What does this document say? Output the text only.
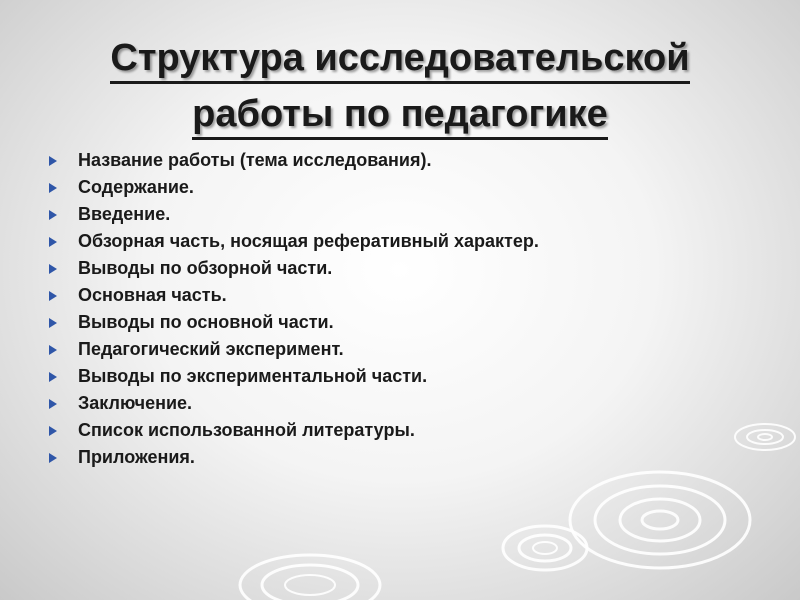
Структура исследовательской
работы по педагогике
Название работы (тема исследования).
Содержание.
Введение.
Обзорная часть, носящая реферативный характер.
Выводы по обзорной части.
Основная часть.
Выводы по основной части.
Педагогический эксперимент.
Выводы по экспериментальной части.
Заключение.
Список использованной литературы.
Приложения.
